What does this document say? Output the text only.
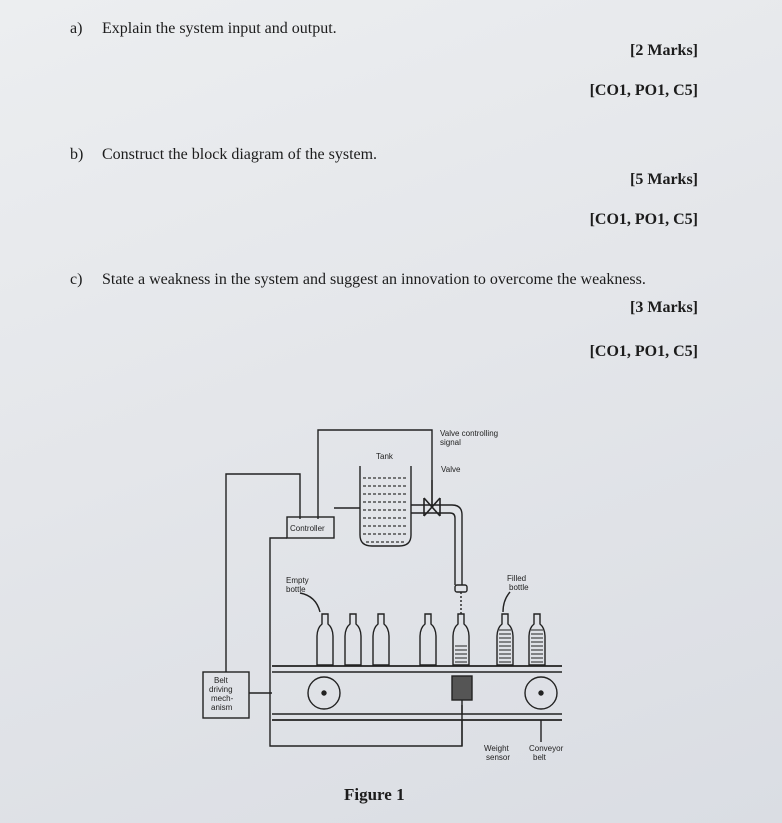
a) Explain the system input and output.
[2 Marks]
[CO1, PO1, C5]
b) Construct the block diagram of the system.
[5 Marks]
[CO1, PO1, C5]
c) State a weakness in the system and suggest an innovation to overcome the weakness.
[3 Marks]
[CO1, PO1, C5]
Valve controlling
signal
Tank
Valve
Controller
Empty
bottle
Filled
bottle
Belt
driving
mech-
anism
Weight
sensor
Conveyor
belt
Figure 1
